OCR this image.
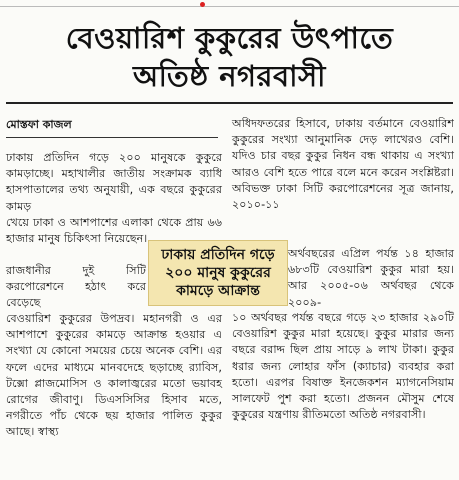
বেওয়ারিশ কুকুরের উৎপাতে
অতিষ্ঠ নগরবাসী
মোস্তফা কাজল

ঢাকায় প্রতিদিন গড়ে ২০০ মানুষকে কুকুরে কামড়াচ্ছে। মহাখালীর জাতীয় সংক্রামক ব্যাধি হাসপাতালের তথ্য অনুযায়ী, এক বছরে কুকুরের কামড়

খেয়ে ঢাকা ও আশপাশের এলাকা থেকে প্রায় ৬৬ হাজার মানুষ চিকিৎসা নিয়েছেন।

রাজধানীর দুই সিটি করপোরেশনে হঠাৎ করে বেড়েছে

বেওয়ারিশ কুকুরের উপদ্রব। মহানগরী ও এর আশপাশে কুকুরের কামড়ে আক্রান্ত হওয়ার এ সংখ্যা যে কোনো সময়ের চেয়ে অনেক বেশি। এর ফলে এদের মাধ্যমে মানবদেহে ছড়াচ্ছে র‍্যাবিস, টক্সো প্লাজমোসিস ও কালাজ্বরের মতো ভয়াবহ রোগের জীবাণু। ডিএসসিসির হিসাব মতে, নগরীতে পাঁচ থেকে ছয় হাজার পালিত কুকুর আছে। স্বাস্থ্য

ঢাকায় প্রতিদিন গড়ে ২০০ মানুষ কুকুরের কামড়ে আক্রান্ত

অধিদফতরের হিসাবে, ঢাকায় বর্তমানে বেওয়ারিশ কুকুরের সংখ্যা আনুমানিক দেড় লাখেরও বেশি। যদিও চার বছর কুকুর নিধন বন্ধ থাকায় এ সংখ্যা আরও বেশি হতে পারে বলে মনে করেন সংশ্লিষ্টরা। অবিভক্ত ঢাকা সিটি করপোরেশনের সূত্র জানায়, ২০১০-১১

অর্থবছরের এপ্রিল পর্যন্ত ১৪ হাজার ৬৮৩টি বেওয়ারিশ কুকুর মারা হয়। আর ২০০৫-০৬ অর্থবছর থেকে ২০০৯-

১০ অর্থবছর পর্যন্ত বছরে গড়ে ২৩ হাজার ২৯০টি বেওয়ারিশ কুকুর মারা হয়েছে। কুকুর মারার জন্য বছরে বরাদ্দ ছিল প্রায় সাড়ে ৯ লাখ টাকা। কুকুর ধরার জন্য লোহার ফাঁস (ক্যাচার) ব্যবহার করা হতো। এরপর বিষাক্ত ইনজেকশন ম্যাগনেসিয়াম সালফেট পুশ করা হতো। প্রজনন মৌসুম শেষে কুকুরের যন্ত্রণায় রীতিমতো অতিষ্ঠ নগরবাসী।
